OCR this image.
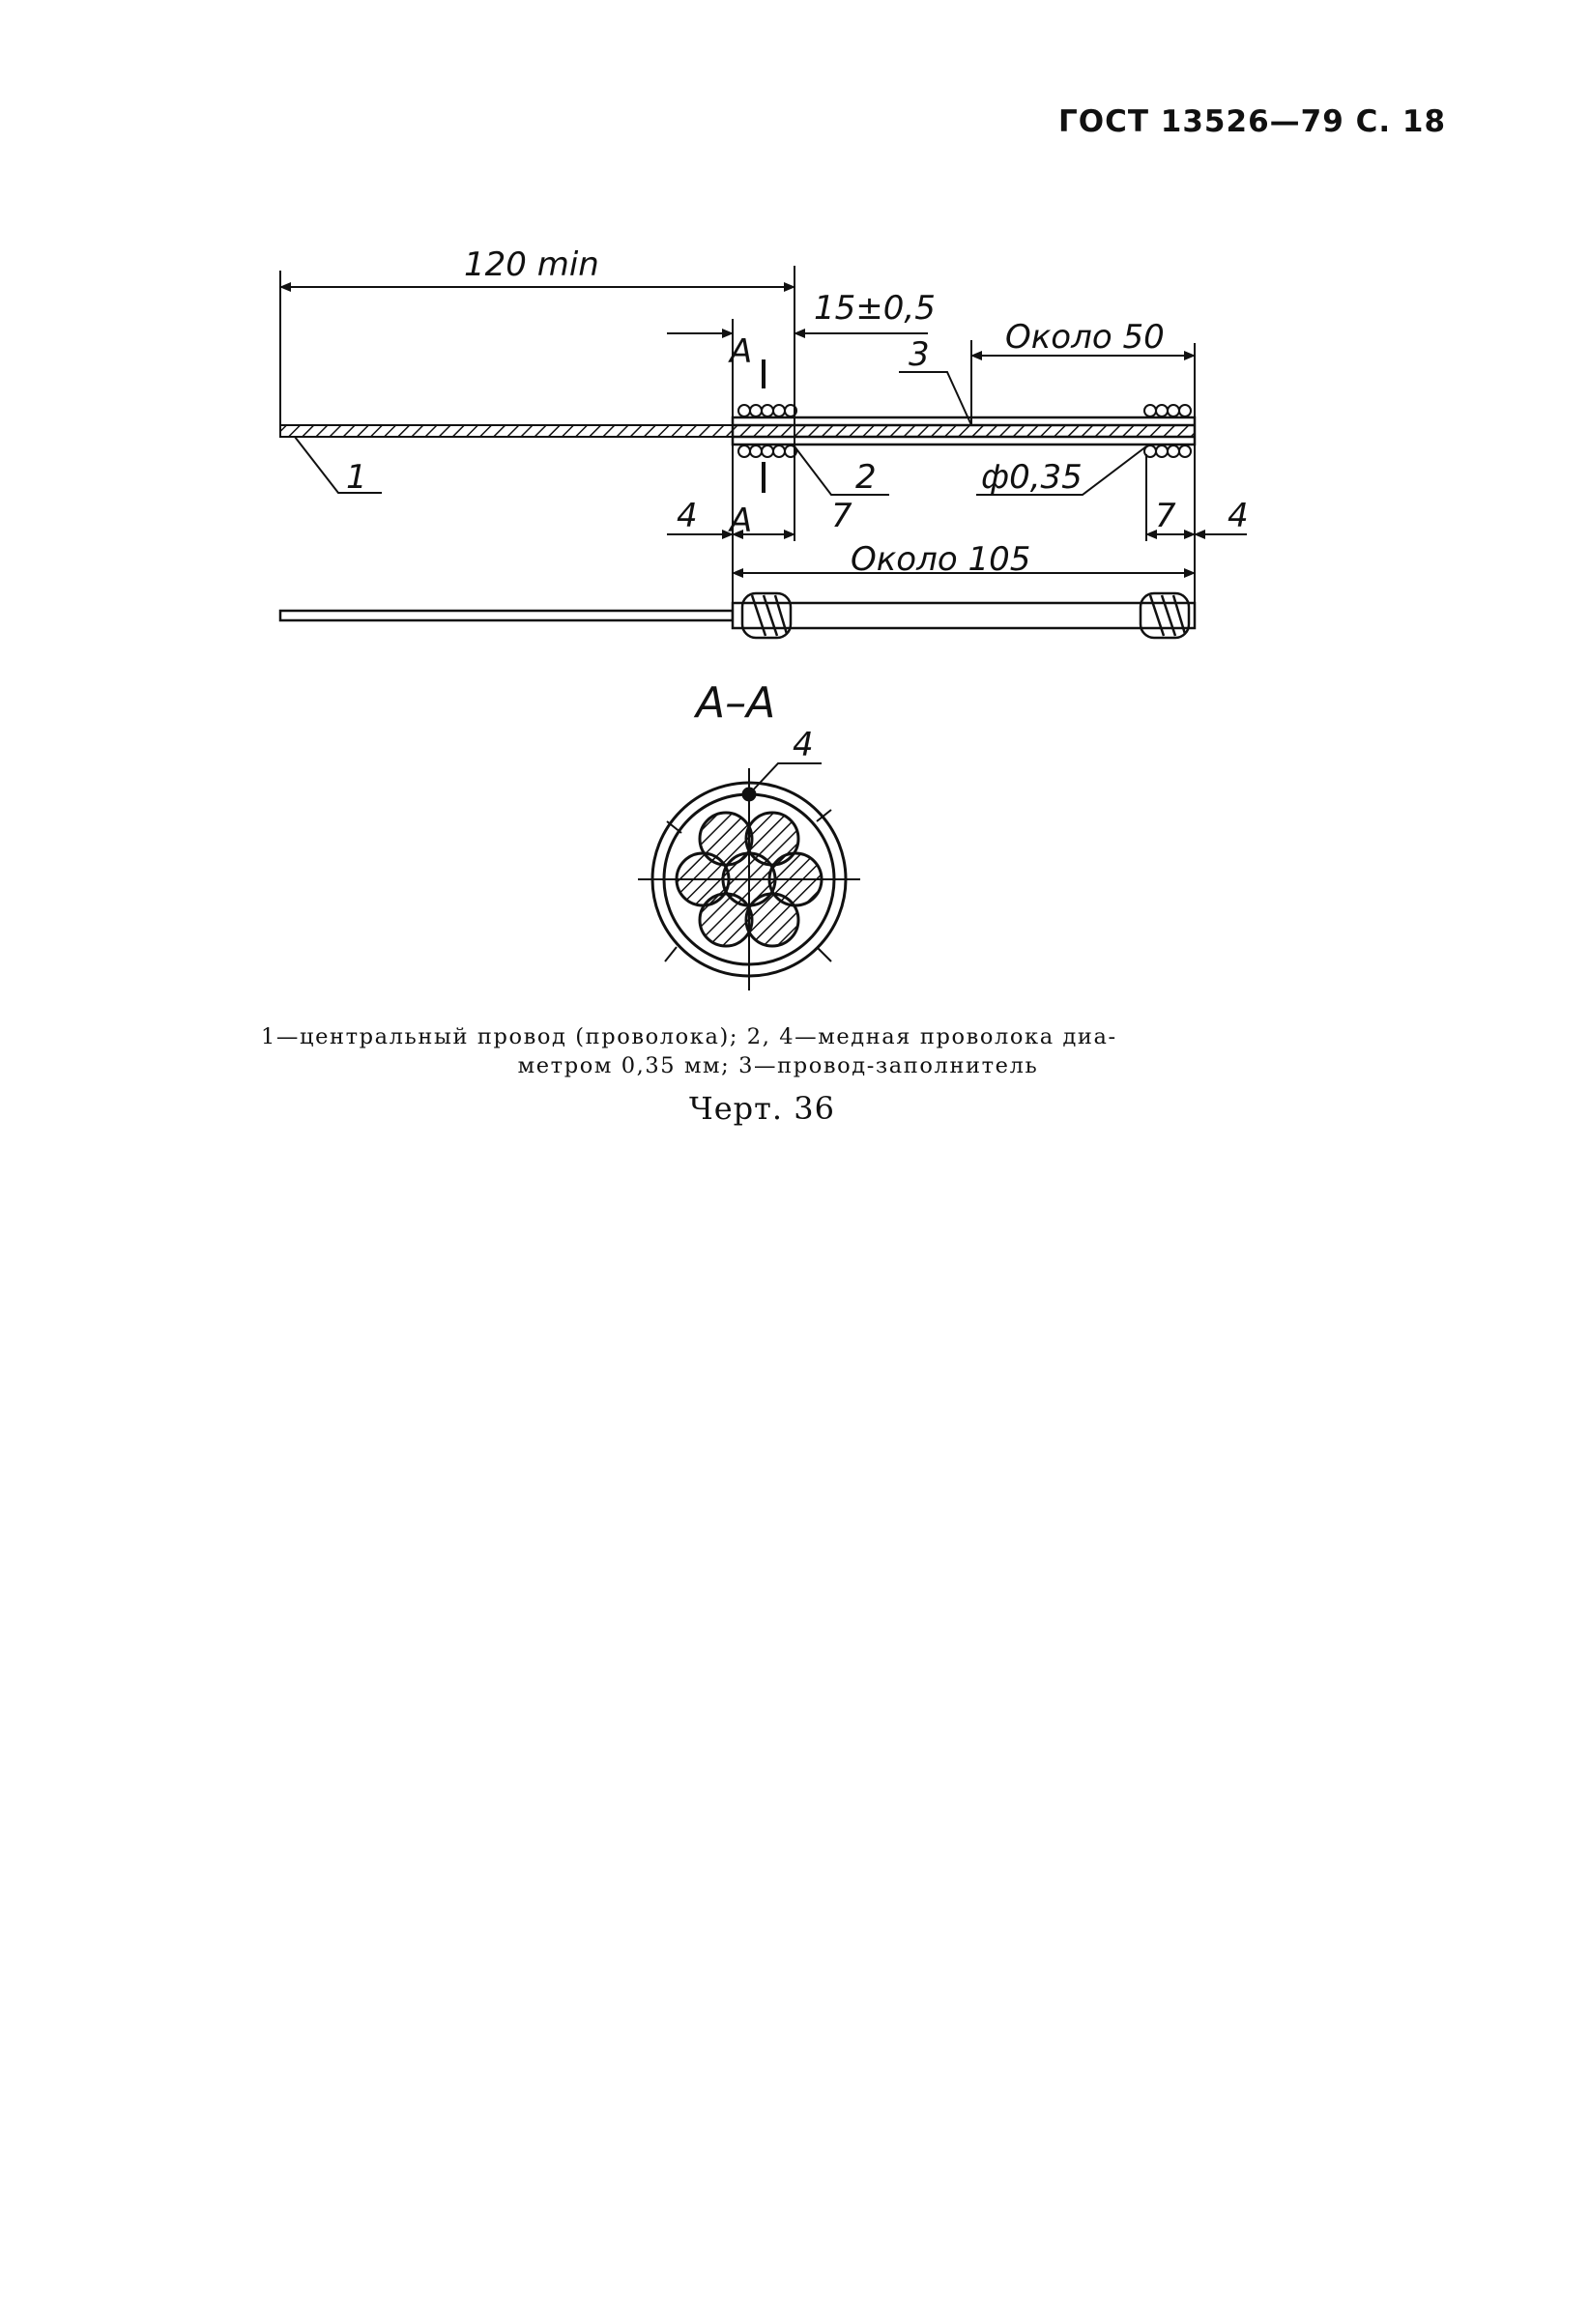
ГОСТ 13526—79 С. 18
120 min
15±0,5
Около 50
Около 105
ф0,35
4	4
7	7
А
А
1	2
3
А–А
4
1—центральный провод (проволока); 2, 4—медная проволока диа-
метром 0,35 мм; 3—провод-заполнитель
Черт. 36
